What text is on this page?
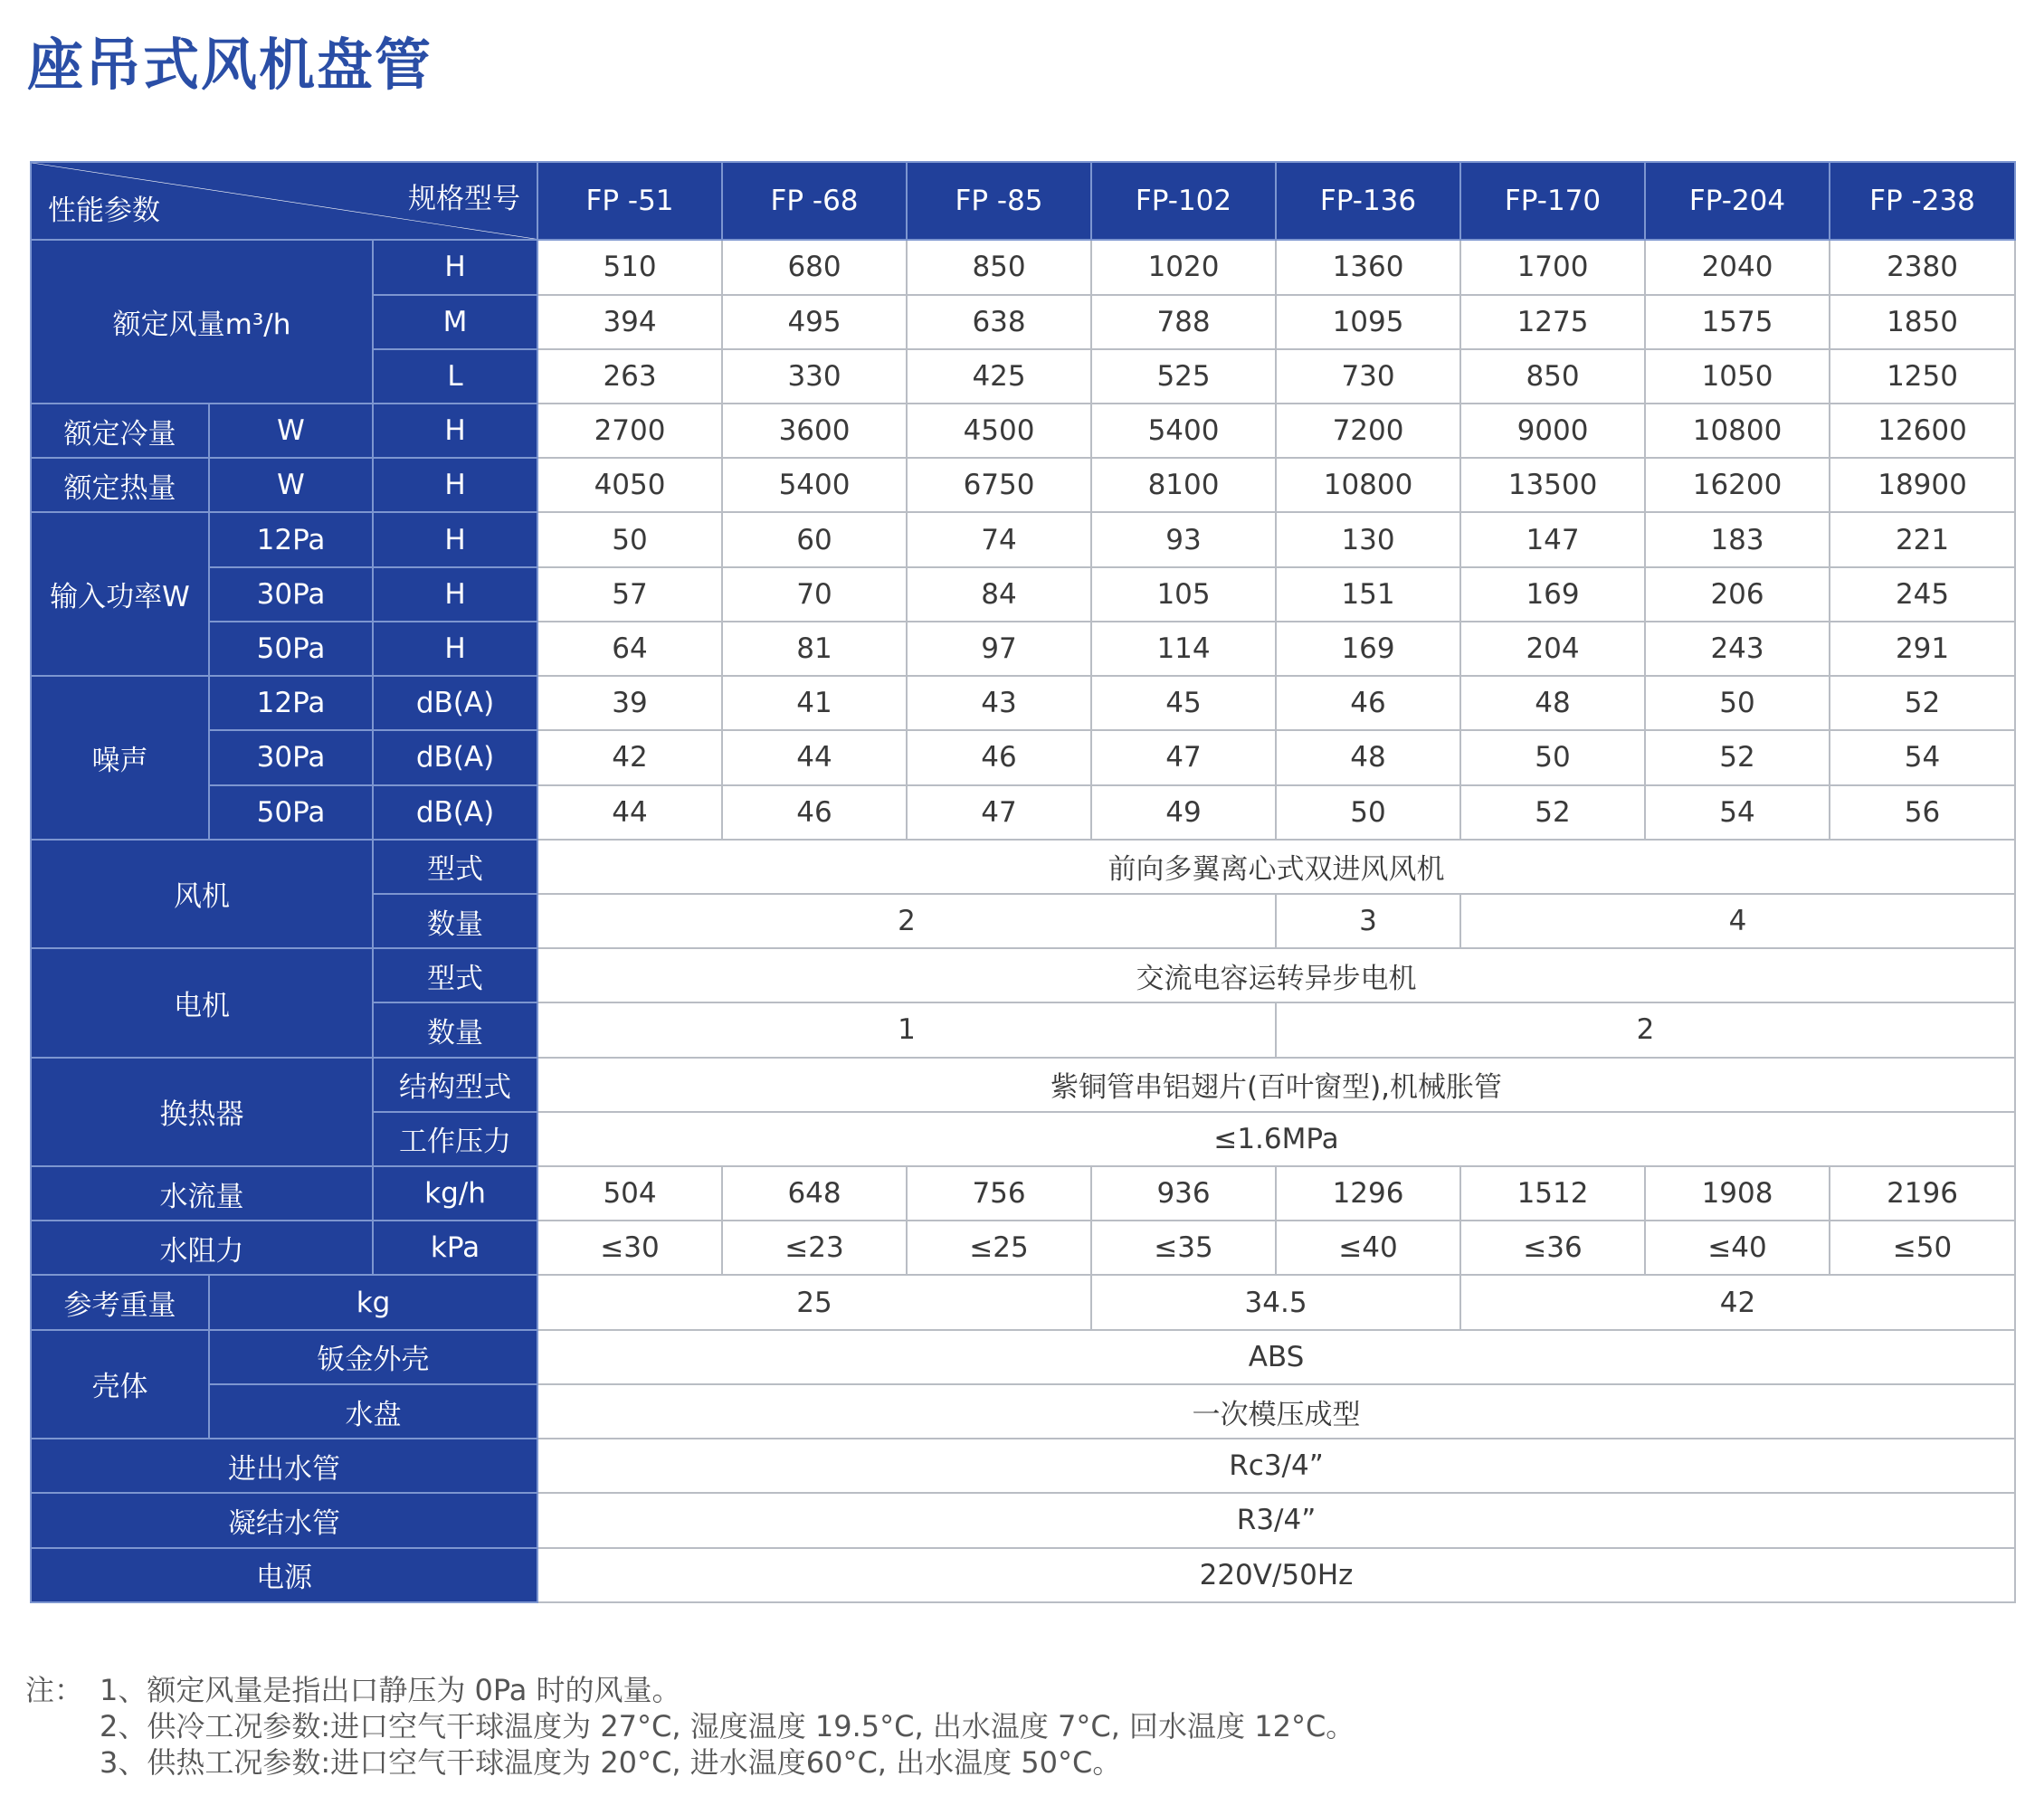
座吊式风机盘管
规格型号
性能参数			FP -51	FP -68	FP -85	FP-102	FP-136	FP-170	FP-204	FP -238
额定风量m³/h		H	510	680	850	1020	1360	1700	2040	2380
		M	394	495	638	788	1095	1275	1575	1850
		L	263	330	425	525	730	850	1050	1250
额定冷量	W	H	2700	3600	4500	5400	7200	9000	10800	12600
额定热量	W	H	4050	5400	6750	8100	10800	13500	16200	18900
输入功率W	12Pa	H	50	60	74	93	130	147	183	221
	30Pa	H	57	70	84	105	151	169	206	245
	50Pa	H	64	81	97	114	169	204	243	291
噪声	12Pa	dB(A)	39	41	43	45	46	48	50	52
	30Pa	dB(A)	42	44	46	47	48	50	52	54
	50Pa	dB(A)	44	46	47	49	50	52	54	56
风机		型式	前向多翼离心式双进风风机							
		数量	2				3	4		
电机		型式	交流电容运转异步电机							
		数量	1				2			
换热器		结构型式	紫铜管串铝翅片(百叶窗型),机械胀管							
		工作压力	≤1.6MPa							
水流量		kg/h	504	648	756	936	1296	1512	1908	2196
水阻力		kPa	≤30	≤23	≤25	≤35	≤40	≤36	≤40	≤50
参考重量	kg		25			34.5		42		
壳体	钣金外壳		ABS							
	水盘		一次模压成型							
进出水管			Rc3/4”							
凝结水管			R3/4”							
电源			220V/50Hz							
注： 1、额定风量是指出口静压为 0Pa 时的风量。
2、供冷工况参数:进口空气干球温度为 27°C, 湿度温度 19.5°C, 出水温度 7°C, 回水温度 12°C。
3、供热工况参数:进口空气干球温度为 20°C, 进水温度60°C, 出水温度 50°C。
